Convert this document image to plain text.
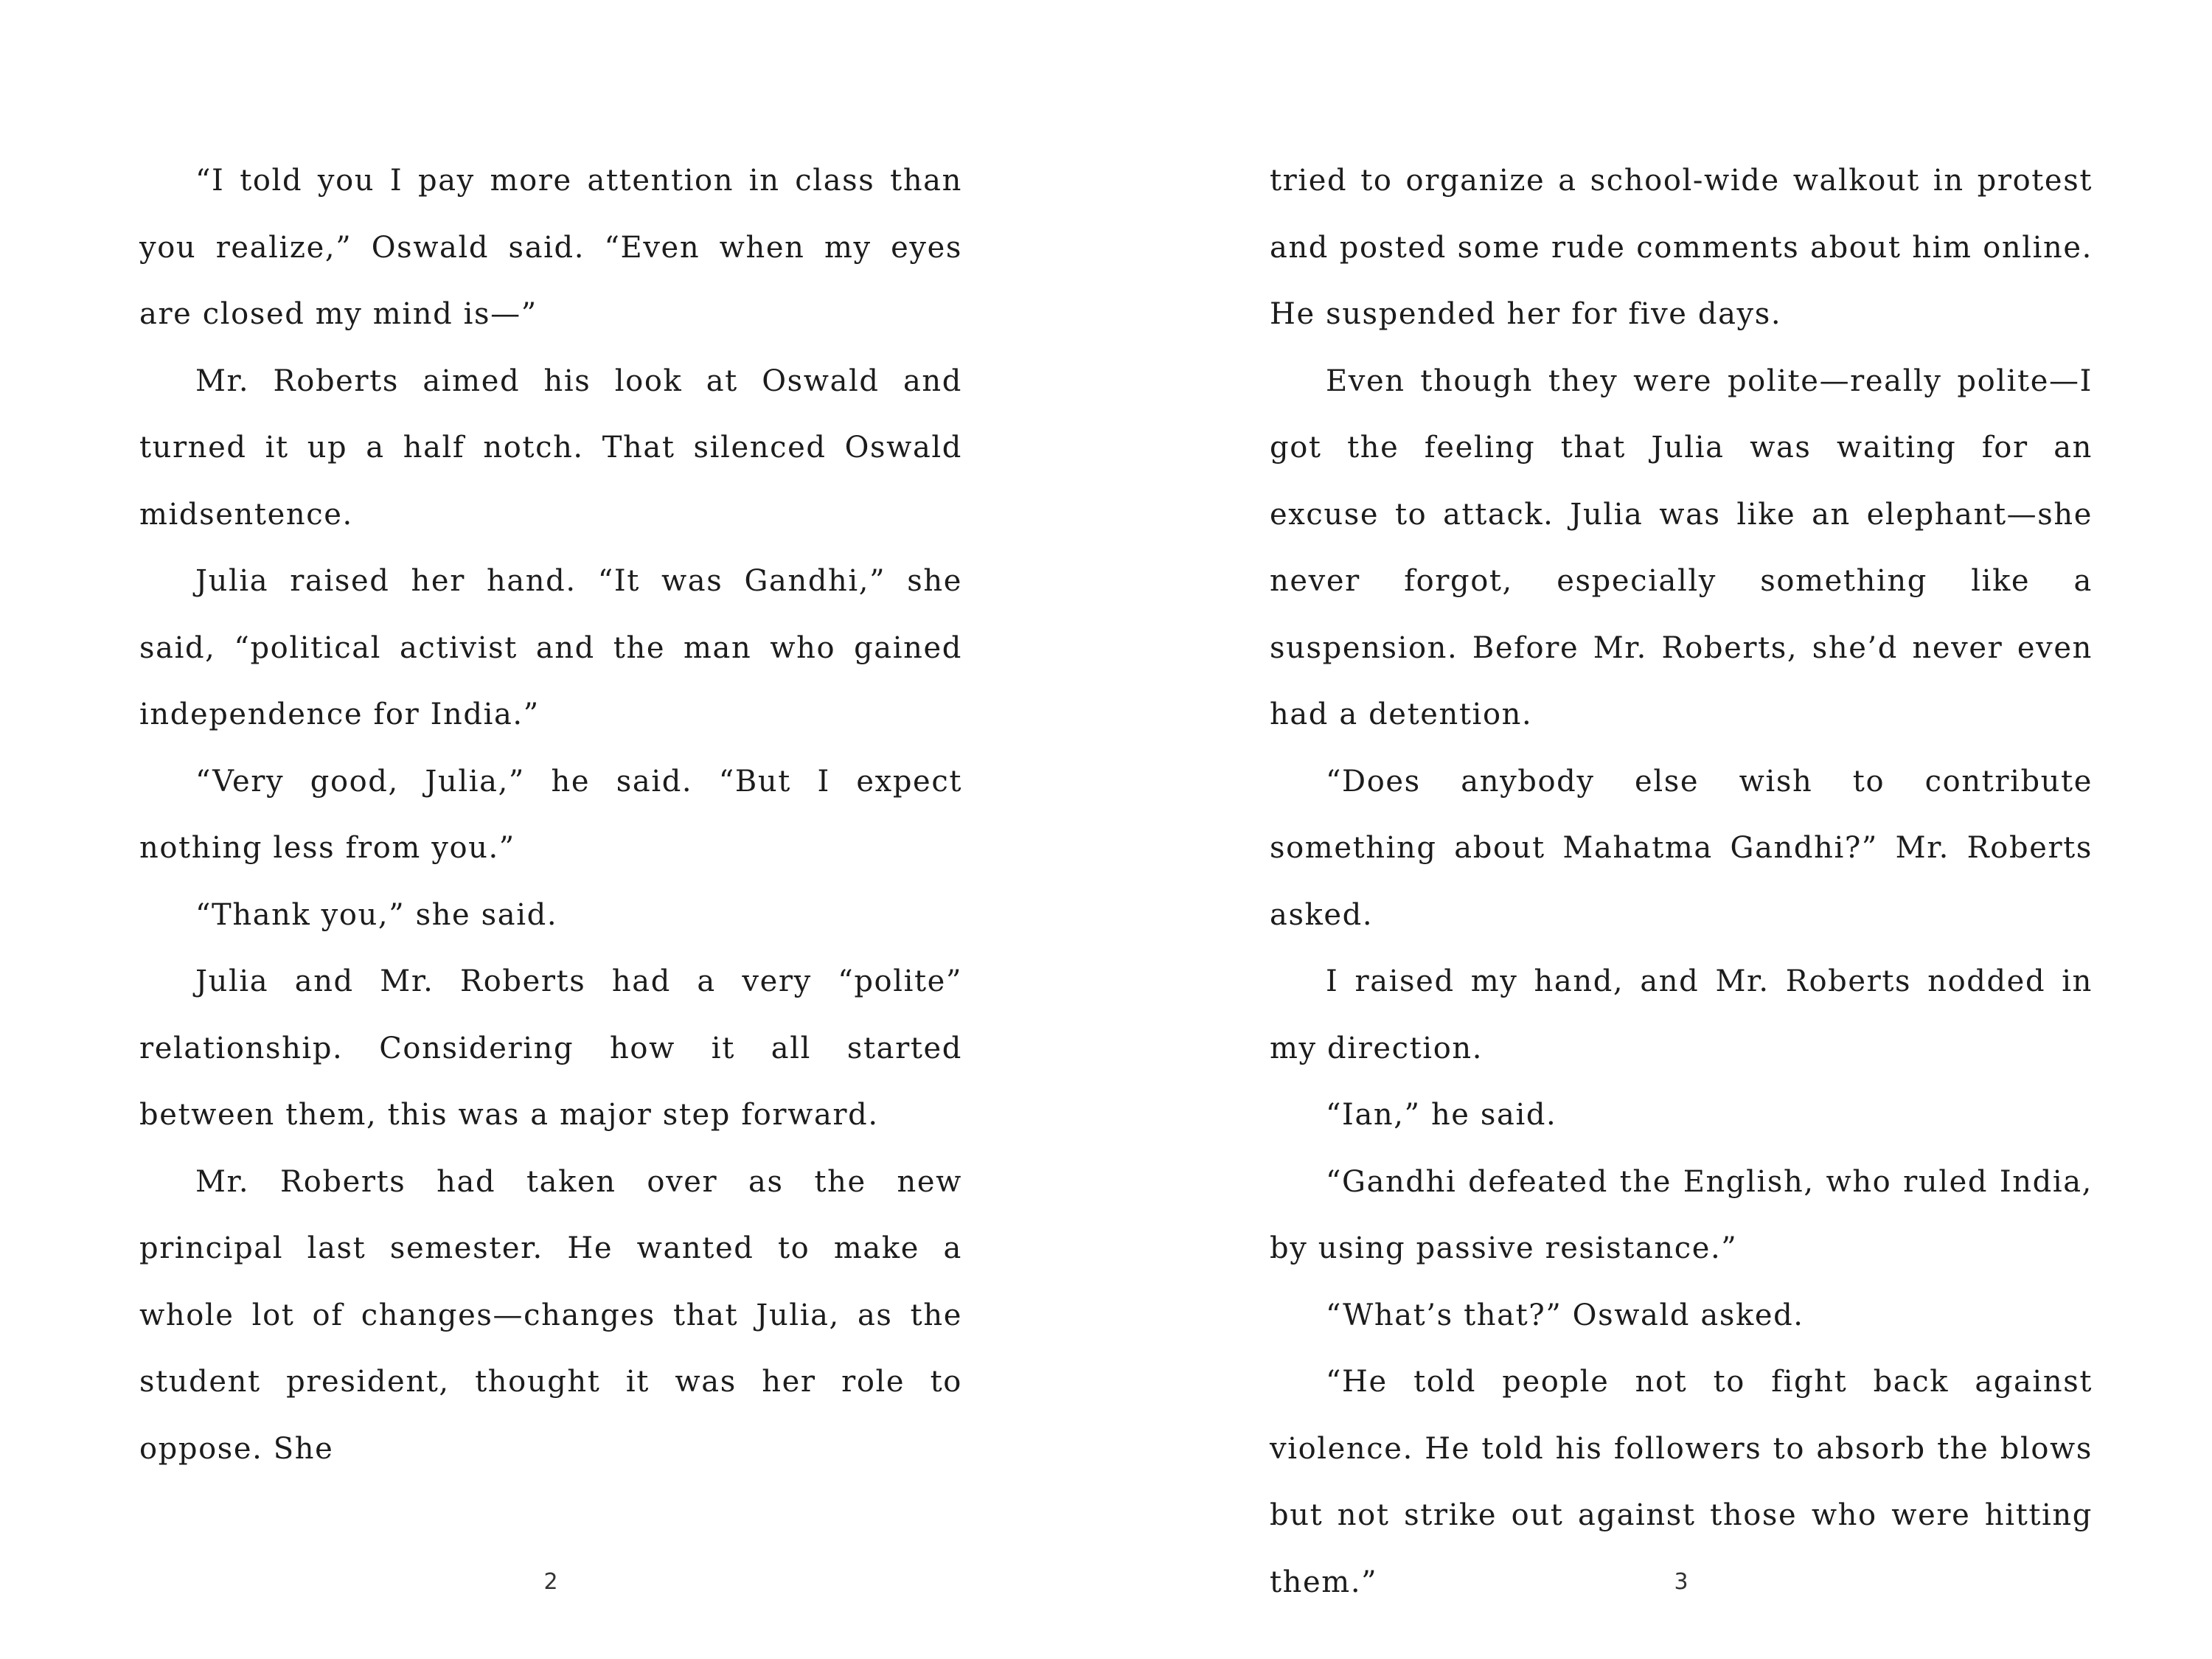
“I told you I pay more attention in class than you realize,” Oswald said. “Even when my eyes are closed my mind is—”

Mr. Roberts aimed his look at Oswald and turned it up a half notch. That silenced Oswald midsentence.

Julia raised her hand. “It was Gandhi,” she said, “political activist and the man who gained independence for India.”

“Very good, Julia,” he said. “But I expect nothing less from you.”

“Thank you,” she said.

Julia and Mr. Roberts had a very “polite” relationship. Considering how it all started between them, this was a major step forward.

Mr. Roberts had taken over as the new principal last semester. He wanted to make a whole lot of changes—changes that Julia, as the student president, thought it was her role to oppose. She

2

tried to organize a school-wide walkout in protest and posted some rude comments about him online. He suspended her for five days.

Even though they were polite—really polite—I got the feeling that Julia was waiting for an excuse to attack. Julia was like an elephant—she never forgot, especially something like a suspension. Before Mr. Roberts, she’d never even had a detention.

“Does anybody else wish to contribute something about Mahatma Gandhi?” Mr. Roberts asked.

I raised my hand, and Mr. Roberts nodded in my direction.

“Ian,” he said.

“Gandhi defeated the English, who ruled India, by using passive resistance.”

“What’s that?” Oswald asked.

“He told people not to fight back against violence. He told his followers to absorb the blows but not strike out against those who were hitting them.”	3
